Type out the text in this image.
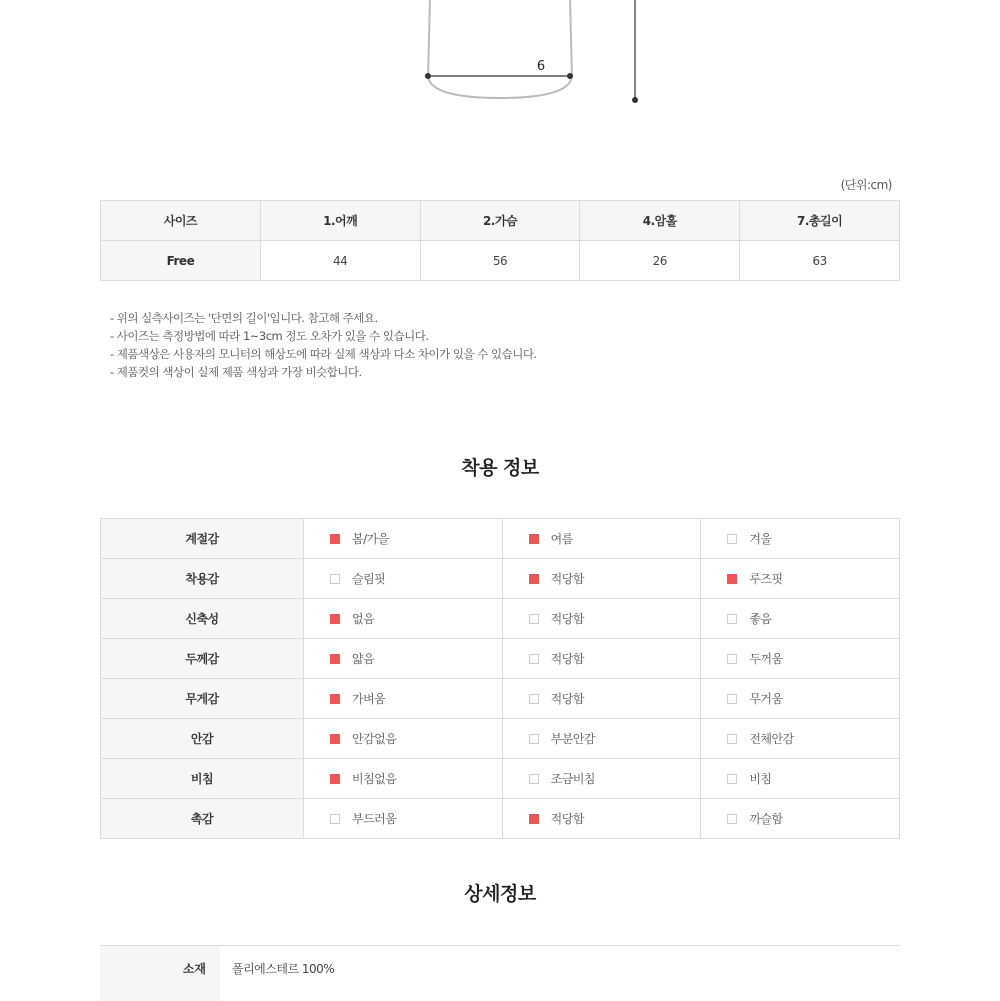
6
(단위:cm)
사이즈	1.어깨	2.가슴	4.암홀	7.총길이
Free	44	56	26	63
- 위의 실측사이즈는 '단면의 길이'입니다. 참고해 주세요.
- 사이즈는 측정방법에 따라 1~3cm 정도 오차가 있을 수 있습니다.
- 제품색상은 사용자의 모니터의 해상도에 따라 실제 색상과 다소 차이가 있을 수 있습니다.
- 제품컷의 색상이 실제 제품 색상과 가장 비슷합니다.
착용 정보
계절감	봄/가을	여름	겨울
착용감	슬림핏	적당함	루즈핏
신축성	없음	적당함	좋음
두께감	얇음	적당함	두꺼움
무게감	가벼움	적당함	무거움
안감	안감없음	부분안감	전체안감
비침	비침없음	조금비침	비침
촉감	부드러움	적당함	까슬함
상세정보
소재	폴리에스테르 100%
